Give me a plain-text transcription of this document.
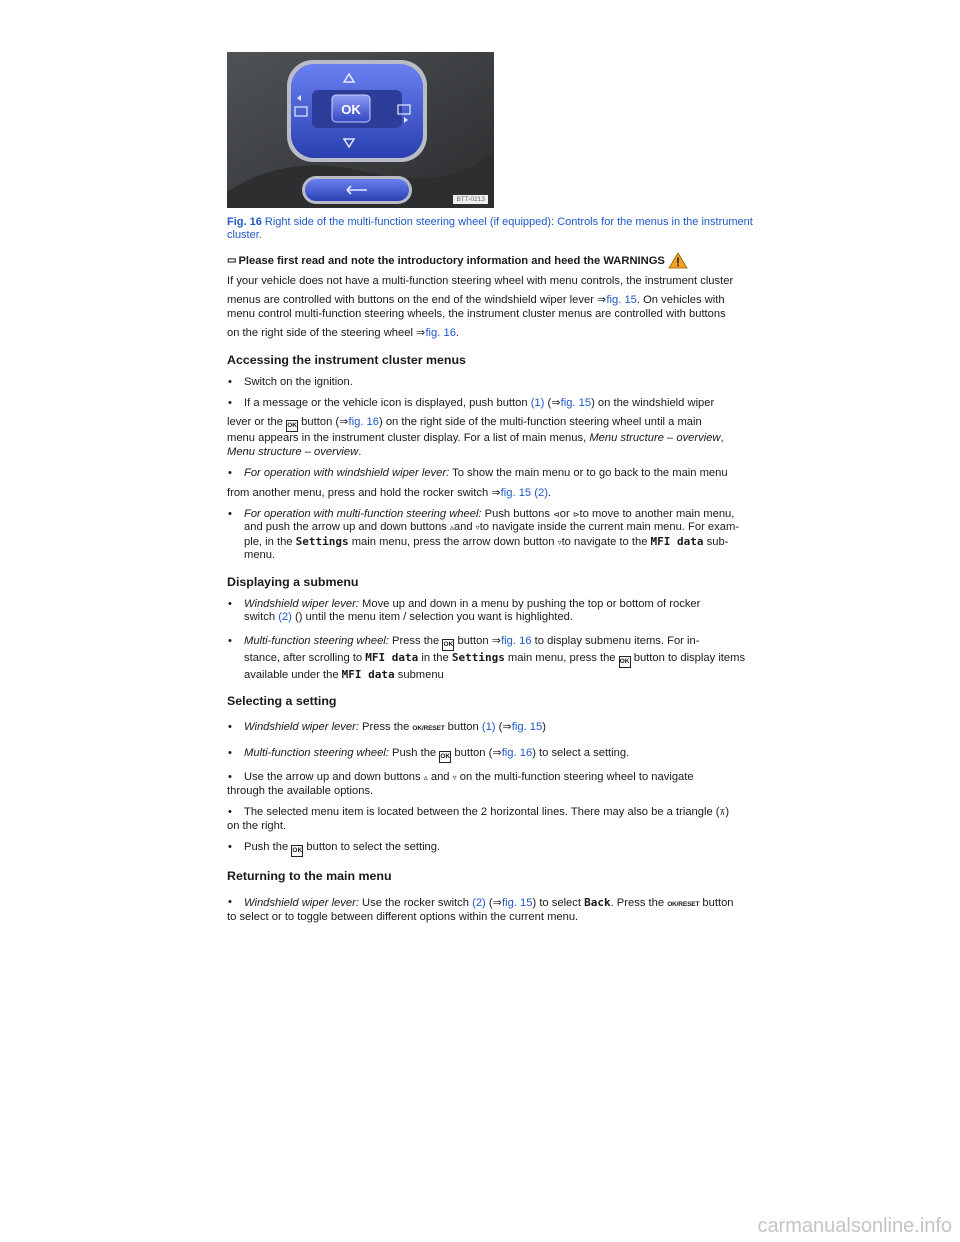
OK
BTT-0213
Fig. 16 Right side of the multi-function steering wheel (if equipped): Controls for the menus in the instrument cluster.
▭ Please first read and note the introductory information and heed the WARNINGS

If your vehicle does not have a multi-function steering wheel with menu controls, the instrument cluster

menus are controlled with buttons on the end of the windshield wiper lever ⇒fig. 15. On vehicles with
menu control multi-function steering wheels, the instrument cluster menus are controlled with buttons

on the right side of the steering wheel ⇒fig. 16.

Accessing the instrument cluster menus
• Switch on the ignition.
• If a message or the vehicle icon is displayed, push button (1) (⇒fig. 15) on the windshield wiper

lever or the OK button (⇒fig. 16) on the right side of the multi-function steering wheel until a main
menu appears in the instrument cluster display. For a list of main menus, Menu structure – overview,
Menu structure – overview.

• For operation with windshield wiper lever: To show the main menu or to go back to the main menu

from another menu, press and hold the rocker switch ⇒fig. 15 (2).

• For operation with multi-function steering wheel: Push buttons ⊲or ⊳to move to another main menu,
and push the arrow up and down buttons ▵and ▿to navigate inside the current main menu. For exam-
ple, in the Settings main menu, press the arrow down button ▿to navigate to the MFI data sub-
menu.
Displaying a submenu
• Windshield wiper lever: Move up and down in a menu by pushing the top or bottom of rocker
switch (2) () until the menu item / selection you want is highlighted.
• Multi-function steering wheel: Press the OK button ⇒fig. 16 to display submenu items. For in-
stance, after scrolling to MFI data in the Settings main menu, press the OK button to display items
available under the MFI data submenu
Selecting a setting
• Windshield wiper lever: Press the OK/RESET button (1) (⇒fig. 15)
• Multi-function steering wheel: Push the OK button (⇒fig. 16) to select a setting.
• Use the arrow up and down buttons ▵ and ▿ on the multi-function steering wheel to navigate

through the available options.

• The selected menu item is located between the 2 horizontal lines. There may also be a triangle (⊼)

on the right.

• Push the OK button to select the setting.
Returning to the main menu
• Windshield wiper lever: Use the rocker switch (2) (⇒fig. 15) to select Back. Press the OK/RESET button

to select or to toggle between different options within the current menu.

carmanualsonline.info
